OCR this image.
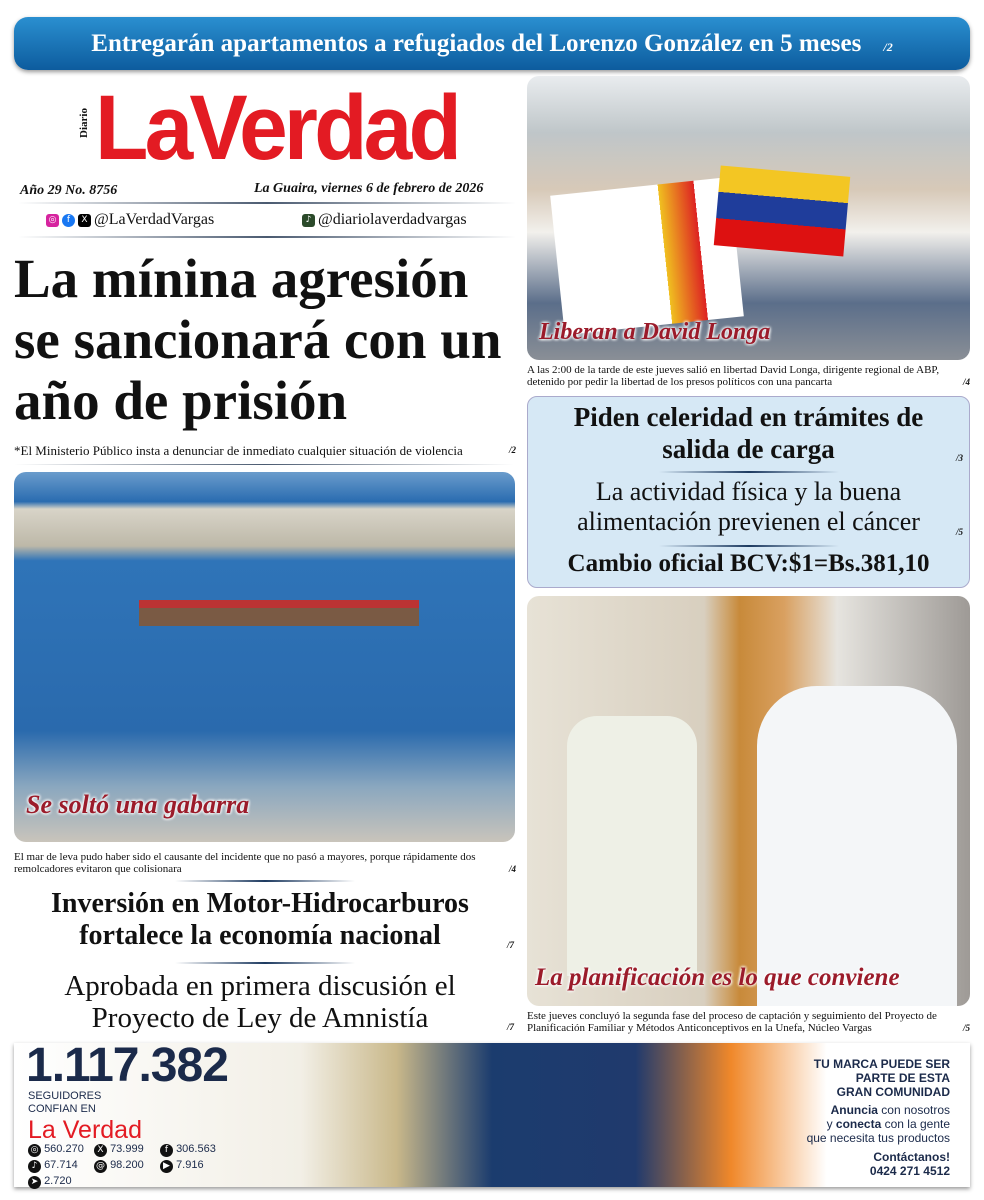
Entregarán apartamentos a refugiados del Lorenzo González en 5 meses /2
Diario LaVerdad
Año 29 No. 8756	La Guaira, viernes 6 de febrero de 2026
◎	f	X @LaVerdadVargas	♪ @diariolaverdadvargas
La mínina agresión se sancionará con un año de prisión
*El Ministerio Público insta a denunciar de inmediato cualquier situación de violencia	/2
Se soltó una gabarra
El mar de leva pudo haber sido el causante del incidente que no pasó a mayores, porque rápidamente dos remolcadores evitaron que colisionara	/4
Inversión en Motor-Hidrocarburos fortalece la economía nacional	/7
Aprobada en primera discusión el Proyecto de Ley de Amnistía	/7
Liberan a David Longa
A las 2:00 de la tarde de este jueves salió en libertad David Longa, dirigente regional de ABP, detenido por pedir la libertad de los presos políticos con una pancarta	/4
Piden celeridad en trámites de salida de carga	/3
La actividad física y la buena alimentación previenen el cáncer	/5
Cambio oficial BCV:$1=Bs.381,10
La planificación es lo que conviene
Este jueves concluyó la segunda fase del proceso de captación y seguimiento del Proyecto de Planificación Familiar y Métodos Anticonceptivos en la Unefa, Núcleo Vargas	/5
1.117.382
SEGUIDORES
CONFIAN EN
La Verdad
◎ 560.270	X 73.999	f 306.563
♪ 67.714	@ 98.200	▶ 7.916
➤ 2.720
TU MARCA PUEDE SER
PARTE DE ESTA
GRAN COMUNIDAD
Anuncia con nosotros
y conecta con la gente
que necesita tus productos
Contáctanos!
0424 271 4512
